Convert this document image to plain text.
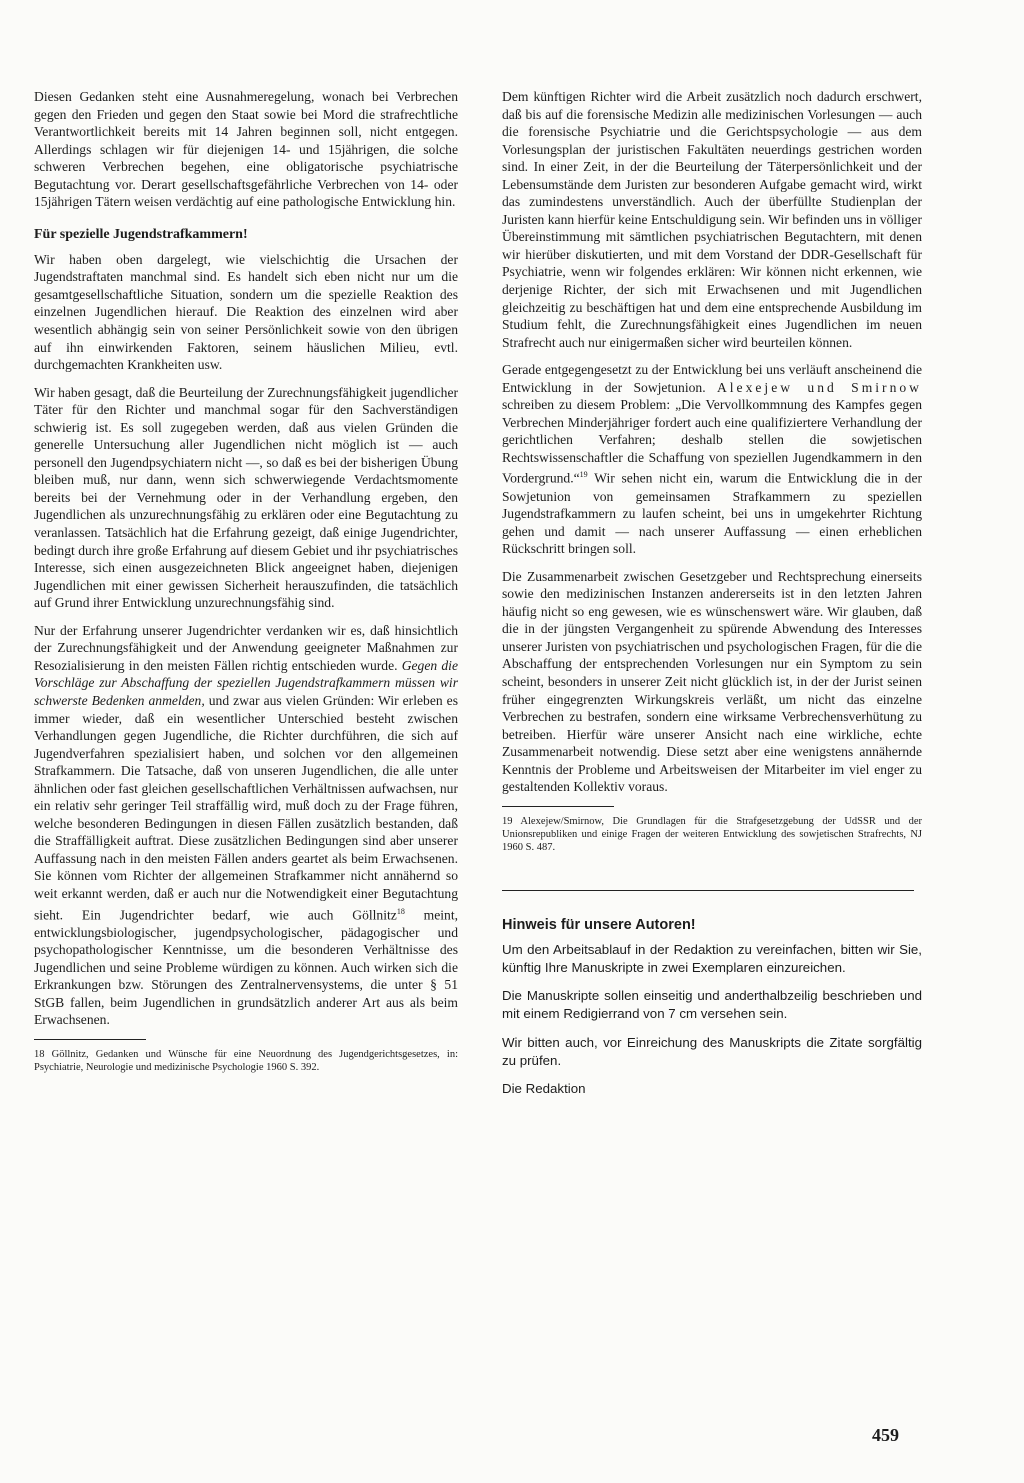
Diesen Gedanken steht eine Ausnahmeregelung, wonach bei Verbrechen gegen den Frieden und gegen den Staat sowie bei Mord die strafrechtliche Verantwortlichkeit bereits mit 14 Jahren beginnen soll, nicht entgegen. Allerdings schlagen wir für diejenigen 14- und 15jährigen, die solche schweren Verbrechen begehen, eine obligatorische psychiatrische Begutachtung vor. Derart gesellschaftsgefährliche Verbrechen von 14- oder 15jährigen Tätern weisen verdächtig auf eine pathologische Entwicklung hin.

Für spezielle Jugendstrafkammern!

Wir haben oben dargelegt, wie vielschichtig die Ursachen der Jugendstraftaten manchmal sind. Es handelt sich eben nicht nur um die gesamtgesellschaftliche Situation, sondern um die spezielle Reaktion des einzelnen Jugendlichen hierauf. Die Reaktion des einzelnen wird aber wesentlich abhängig sein von seiner Persönlichkeit sowie von den übrigen auf ihn einwirkenden Faktoren, seinem häuslichen Milieu, evtl. durchgemachten Krankheiten usw.

Wir haben gesagt, daß die Beurteilung der Zurechnungsfähigkeit jugendlicher Täter für den Richter und manchmal sogar für den Sachverständigen schwierig ist. Es soll zugegeben werden, daß aus vielen Gründen die generelle Untersuchung aller Jugendlichen nicht möglich ist — auch personell den Jugendpsychiatern nicht —, so daß es bei der bisherigen Übung bleiben muß, nur dann, wenn sich schwerwiegende Verdachtsmomente bereits bei der Vernehmung oder in der Verhandlung ergeben, den Jugendlichen als unzurechnungsfähig zu erklären oder eine Begutachtung zu veranlassen. Tatsächlich hat die Erfahrung gezeigt, daß einige Jugendrichter, bedingt durch ihre große Erfahrung auf diesem Gebiet und ihr psychiatrisches Interesse, sich einen ausgezeichneten Blick angeeignet haben, diejenigen Jugendlichen mit einer gewissen Sicherheit herauszufinden, die tatsächlich auf Grund ihrer Entwicklung unzurechnungsfähig sind.

Nur der Erfahrung unserer Jugendrichter verdanken wir es, daß hinsichtlich der Zurechnungsfähigkeit und der Anwendung geeigneter Maßnahmen zur Resozialisierung in den meisten Fällen richtig entschieden wurde. Gegen die Vorschläge zur Abschaffung der speziellen Jugendstrafkammern müssen wir schwerste Bedenken anmelden, und zwar aus vielen Gründen: Wir erleben es immer wieder, daß ein wesentlicher Unterschied besteht zwischen Verhandlungen gegen Jugendliche, die Richter durchführen, die sich auf Jugendverfahren spezialisiert haben, und solchen vor den allgemeinen Strafkammern. Die Tatsache, daß von unseren Jugendlichen, die alle unter ähnlichen oder fast gleichen gesellschaftlichen Verhältnissen aufwachsen, nur ein relativ sehr geringer Teil straffällig wird, muß doch zu der Frage führen, welche besonderen Bedingungen in diesen Fällen zusätzlich bestanden, daß die Straffälligkeit auftrat. Diese zusätzlichen Bedingungen sind aber unserer Auffassung nach in den meisten Fällen anders geartet als beim Erwachsenen. Sie können vom Richter der allgemeinen Strafkammer nicht annähernd so weit erkannt werden, daß er auch nur die Notwendigkeit einer Begutachtung sieht. Ein Jugendrichter bedarf, wie auch Göllnitz$^{18}$ meint, entwicklungsbiologischer, jugendpsychologischer, pädagogischer und psychopathologischer Kenntnisse, um die besonderen Verhältnisse des Jugendlichen und seine Probleme würdigen zu können. Auch wirken sich die Erkrankungen bzw. Störungen des Zentralnervensystems, die unter § 51 StGB fallen, beim Jugendlichen in grundsätzlich anderer Art aus als beim Erwachsenen.

18 Göllnitz, Gedanken und Wünsche für eine Neuordnung des Jugendgerichtsgesetzes, in: Psychiatrie, Neurologie und medizinische Psychologie 1960 S. 392.

Dem künftigen Richter wird die Arbeit zusätzlich noch dadurch erschwert, daß bis auf die forensische Medizin alle medizinischen Vorlesungen — auch die forensische Psychiatrie und die Gerichtspsychologie — aus dem Vorlesungsplan der juristischen Fakultäten neuerdings gestrichen worden sind. In einer Zeit, in der die Beurteilung der Täterpersönlichkeit und der Lebensumstände dem Juristen zur besonderen Aufgabe gemacht wird, wirkt das zumindestens unverständlich. Auch der überfüllte Studienplan der Juristen kann hierfür keine Entschuldigung sein. Wir befinden uns in völliger Übereinstimmung mit sämtlichen psychiatrischen Begutachtern, mit denen wir hierüber diskutierten, und mit dem Vorstand der DDR-Gesellschaft für Psychiatrie, wenn wir folgendes erklären: Wir können nicht erkennen, wie derjenige Richter, der sich mit Erwachsenen und mit Jugendlichen gleichzeitig zu beschäftigen hat und dem eine entsprechende Ausbildung im Studium fehlt, die Zurechnungsfähigkeit eines Jugendlichen im neuen Strafrecht auch nur einigermaßen sicher wird beurteilen können.

Gerade entgegengesetzt zu der Entwicklung bei uns verläuft anscheinend die Entwicklung in der Sowjetunion. Alexejew und Smirnow schreiben zu diesem Problem: „Die Vervollkommnung des Kampfes gegen Verbrechen Minderjähriger fordert auch eine qualifiziertere Verhandlung der gerichtlichen Verfahren; deshalb stellen die sowjetischen Rechtswissenschaftler die Schaffung von speziellen Jugendkammern in den Vordergrund.“$^{19}$ Wir sehen nicht ein, warum die Entwicklung die in der Sowjetunion von gemeinsamen Strafkammern zu speziellen Jugendstrafkammern zu laufen scheint, bei uns in umgekehrter Richtung gehen und damit — nach unserer Auffassung — einen erheblichen Rückschritt bringen soll.

Die Zusammenarbeit zwischen Gesetzgeber und Rechtsprechung einerseits sowie den medizinischen Instanzen andererseits ist in den letzten Jahren häufig nicht so eng gewesen, wie es wünschenswert wäre. Wir glauben, daß die in der jüngsten Vergangenheit zu spürende Abwendung des Interesses unserer Juristen von psychiatrischen und psychologischen Fragen, für die die Abschaffung der entsprechenden Vorlesungen nur ein Symptom zu sein scheint, besonders in unserer Zeit nicht glücklich ist, in der der Jurist seinen früher eingegrenzten Wirkungskreis verläßt, um nicht das einzelne Verbrechen zu bestrafen, sondern eine wirksame Verbrechensverhütung zu betreiben. Hierfür wäre unserer Ansicht nach eine wirkliche, echte Zusammenarbeit notwendig. Diese setzt aber eine wenigstens annähernde Kenntnis der Probleme und Arbeitsweisen der Mitarbeiter im viel enger zu gestaltenden Kollektiv voraus.

19 Alexejew/Smirnow, Die Grundlagen für die Strafgesetzgebung der UdSSR und der Unionsrepubliken und einige Fragen der weiteren Entwicklung des sowjetischen Strafrechts, NJ 1960 S. 487.

Hinweis für unsere Autoren!

Um den Arbeitsablauf in der Redaktion zu vereinfachen, bitten wir Sie, künftig Ihre Manuskripte in zwei Exemplaren einzureichen.

Die Manuskripte sollen einseitig und anderthalbzeilig beschrieben und mit einem Redigierrand von 7 cm versehen sein.

Wir bitten auch, vor Einreichung des Manuskripts die Zitate sorgfältig zu prüfen.

Die Redaktion

459
